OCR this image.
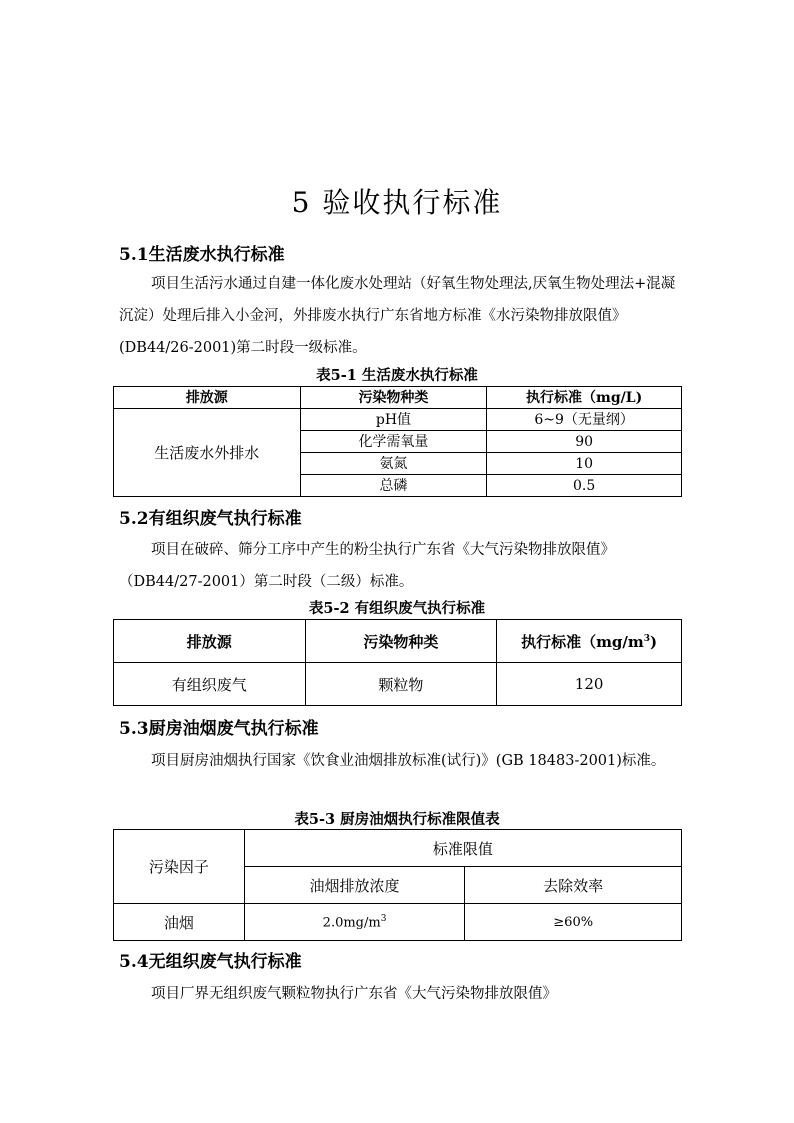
5 验收执行标准
5.1生活废水执行标准
项目生活污水通过自建一体化废水处理站（好氧生物处理法,厌氧生物处理法+混凝沉淀）处理后排入小金河，外排废水执行广东省地方标准《水污染物排放限值》(DB44/26-2001)第二时段一级标准。
表5-1 生活废水执行标准
排放源	污染物种类	执行标准（mg/L)
生活废水外排水	pH值	6~9（无量纲）
	化学需氧量	90
	氨氮	10
	总磷	0.5
5.2有组织废气执行标准
项目在破碎、筛分工序中产生的粉尘执行广东省《大气污染物排放限值》（DB44/27-2001）第二时段（二级）标准。
表5-2 有组织废气执行标准
排放源	污染物种类	执行标准$(mg/m^3)$
有组织废气	颗粒物	120
5.3厨房油烟废气执行标准
项目厨房油烟执行国家《饮食业油烟排放标准(试行)》(GB 18483-2001)标准。
表5-3 厨房油烟执行标准限值表
污染因子	标准限值	
	油烟排放浓度	去除效率
油烟	$2.0mg/m^3$	≥60%
5.4无组织废气执行标准
项目厂界无组织废气颗粒物执行广东省《大气污染物排放限值》
